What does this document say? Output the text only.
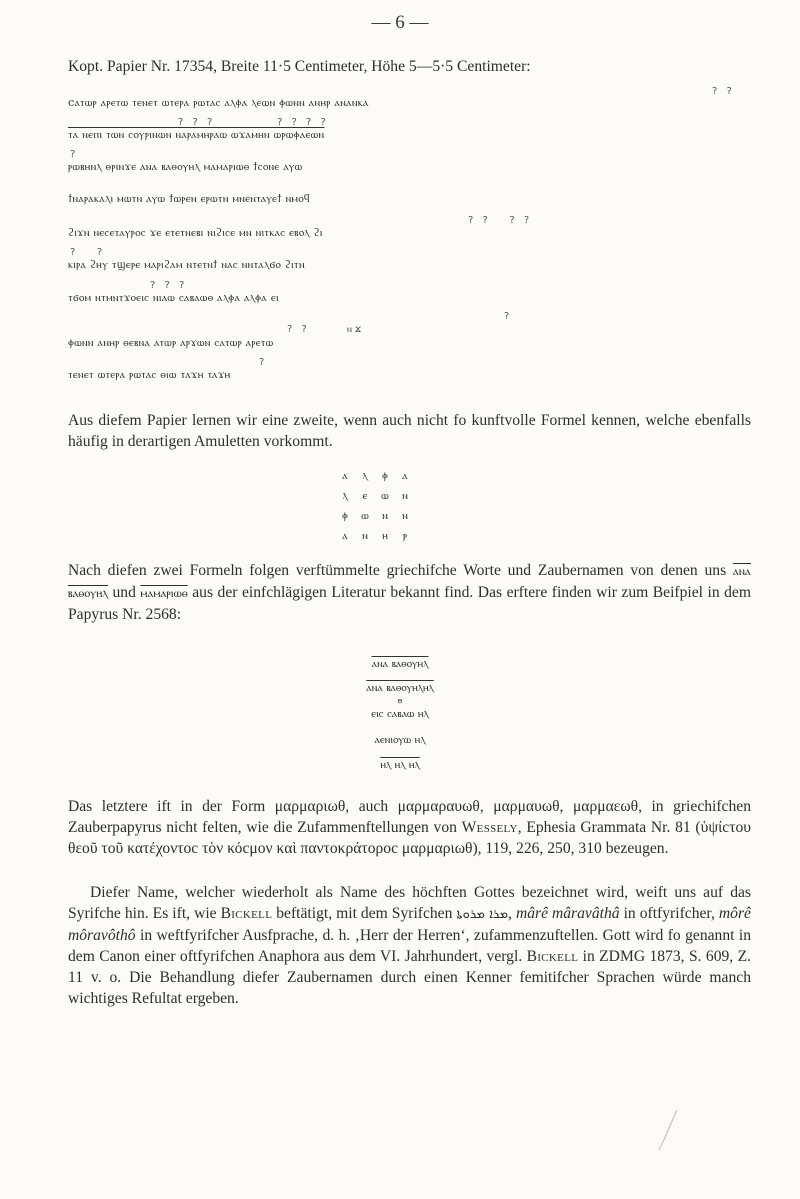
— 6 —
Kopt. Papier Nr. 17354, Breite 11·5 Centimeter, Höhe 5—5·5 Centimeter:
? ?
cⲁⲧⲱⲣ ⲁⲣⲉⲧⲱ ⲧⲉⲛⲉⲧ ⲱⲧⲉⲣⲁ ⲣⲱⲧⲁⲥ ⲁⲗⲫⲁ ⲗⲉⲱⲛ ⲫⲱⲛⲛ ⲁⲛⲏⲣ ⲁⲛⲁⲛⲕⲁ
? ? ?          ? ? ? ?
ⲧⲁ ⲛⲉⲡⲓ ⲧⲱⲛ ⲥⲟⲩⲣⲓⲛⲱⲛ ⲛⲁⲣⲁⲙⲏⲣⲁⲱ ⲱϫⲁⲙⲏⲛ ⲱⲣⲱⲫⲁⲉⲱⲛ
?
ⲣⲱⲃⲏⲛⲗ ⲑⲣⲓⲛϫⲉ ⲁⲛⲁ ⲃⲁⲑⲟⲩⲏⲗ ⲙⲁⲙⲁⲣⲓⲱⲑ ϯⲥⲟⲛⲉ ⲁⲩⲱ
ϯⲛⲁⲣⲁⲕⲁⲗⲓ ⲙⲱⲧⲛ ⲁⲩⲱ ϯⲱⲣⲉⲛ ⲉⲣⲱⲧⲛ ⲙⲛⲉⲛⲧⲁⲩⲉϯ ⲛⲙⲟϥ
? ?   ? ?
ϩⲓϫⲛ ⲛⲉⲥⲉⲧⲁⲩⲣⲟⲥ ϫⲉ ⲉⲧⲉⲧⲛⲉⲃⲓ ⲛⲓϩⲓⲥⲉ ⲙⲛ ⲛⲓⲧⲕⲁⲥ ⲉⲃⲟⲗ ϩⲓ
?   ?
ⲕⲓⲣⲁ ϩⲏⲩ ⲧϣⲉⲣⲉ ⲙⲁⲣⲓϩⲁⲙ ⲛⲧⲉⲧⲛϯ ⲛⲁⲥ ⲛⲛⲧⲁⲗϭⲟ ϩⲓⲧⲛ
? ? ?
ⲧϭⲟⲙ ⲛⲧⲙⲛⲧϫⲟⲉⲓⲥ ⲛⲓⲁⲱ ⲥⲁⲃⲁⲱⲑ ⲁⲗⲫⲁ ⲁⲗⲫⲁ ⲉⲓ
?
? ?      ⲛϫ
ⲫⲱⲛⲛ ⲁⲛⲏⲣ ⲑⲉⲃⲛⲁ ⲁⲧⲱⲣ ⲁⲣϫⲱⲛ ⲥⲁⲧⲱⲣ ⲁⲣⲉⲧⲱ
?
ⲧⲉⲛⲉⲧ ⲱⲧⲉⲣⲁ ⲣⲱⲧⲁⲥ ⲑⲓⲱ ⲧⲁϫⲏ ⲧⲁϫⲏ
Aus diefem Papier lernen wir eine zweite, wenn auch nicht fo kunftvolle Formel kennen, welche ebenfalls häufig in derartigen Amuletten vorkommt.
ⲁ	ⲗ	ⲫ	ⲁ
ⲗ	ⲉ	ⲱ	ⲛ
ⲫ	ⲱ	ⲛ	ⲛ
ⲁ	ⲛ	ⲏ	ⲣ
Nach diefen zwei Formeln folgen verftümmelte griechifche Worte und Zaubernamen von denen uns ⲁⲛⲁ ⲃⲁⲑⲟⲩⲏⲗ und ⲙⲁⲙⲁⲣⲓⲱⲑ aus der einfchlägigen Literatur bekannt find. Das erftere finden wir zum Beifpiel in dem Papyrus Nr. 2568:
ⲁⲛⲁ ⲃⲁⲑⲟⲩⲏⲗ
ⲁⲛⲁ ⲃⲁⲑⲟⲩⲏⲗⲏⲗ
ⲑ
ⲉⲓⲥ ⲥⲁⲃⲁⲱ ⲏⲗ
ⲁⲉⲛⲓⲟⲩⲱ ⲏⲗ
ⲏⲗ ⲏⲗ ⲏⲗ
Das letztere ift in der Form μαρμαριωθ, auch μαρμαραυωθ, μαρμαυωθ, μαρμαεωθ, in griechifchen Zauberpapyrus nicht felten, wie die Zufammenftellungen von Wessely, Ephesia Grammata Nr. 81 (ὑψίcτου θεοῦ τοῦ κατέχοντοc τὸν κόcμον καὶ παντοκράτοροc μαρμαριωθ), 119, 226, 250, 310 bezeugen.
Diefer Name, welcher wiederholt als Name des höchften Gottes bezeichnet wird, weift uns auf das Syrifche hin. Es ift, wie Bickell beftätigt, mit dem Syrifchen ܡܪܐ ܡܪܘܬܐ, mârê mâravâthâ in oftfyrifcher, môrê môravôthô in weftfyrifcher Ausfprache, d. h. ‚Herr der Herren‘, zufammenzuftellen. Gott wird fo genannt in dem Canon einer oftfyrifchen Anaphora aus dem VI. Jahrhundert, vergl. Bickell in ZDMG 1873, S. 609, Z. 11 v. o. Die Behandlung diefer Zaubernamen durch einen Kenner femitifcher Sprachen würde manch wichtiges Refultat ergeben.
